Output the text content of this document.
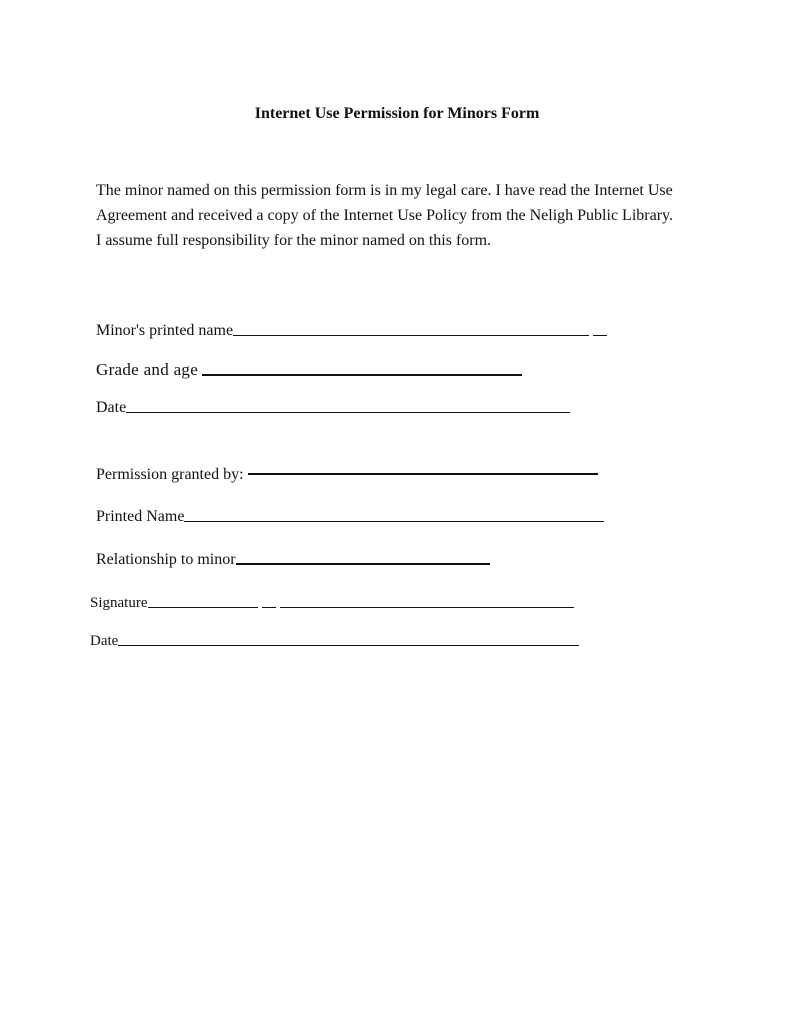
Internet Use Permission for Minors Form

The minor named on this permission form is in my legal care. I have read the Internet Use Agreement and received a copy of the Internet Use Policy from the Neligh Public Library. I assume full responsibility for the minor named on this form.

Minor's printed name
Grade and age
Date
Permission granted by:
Printed Name
Relationship to minor
Signature
Date
